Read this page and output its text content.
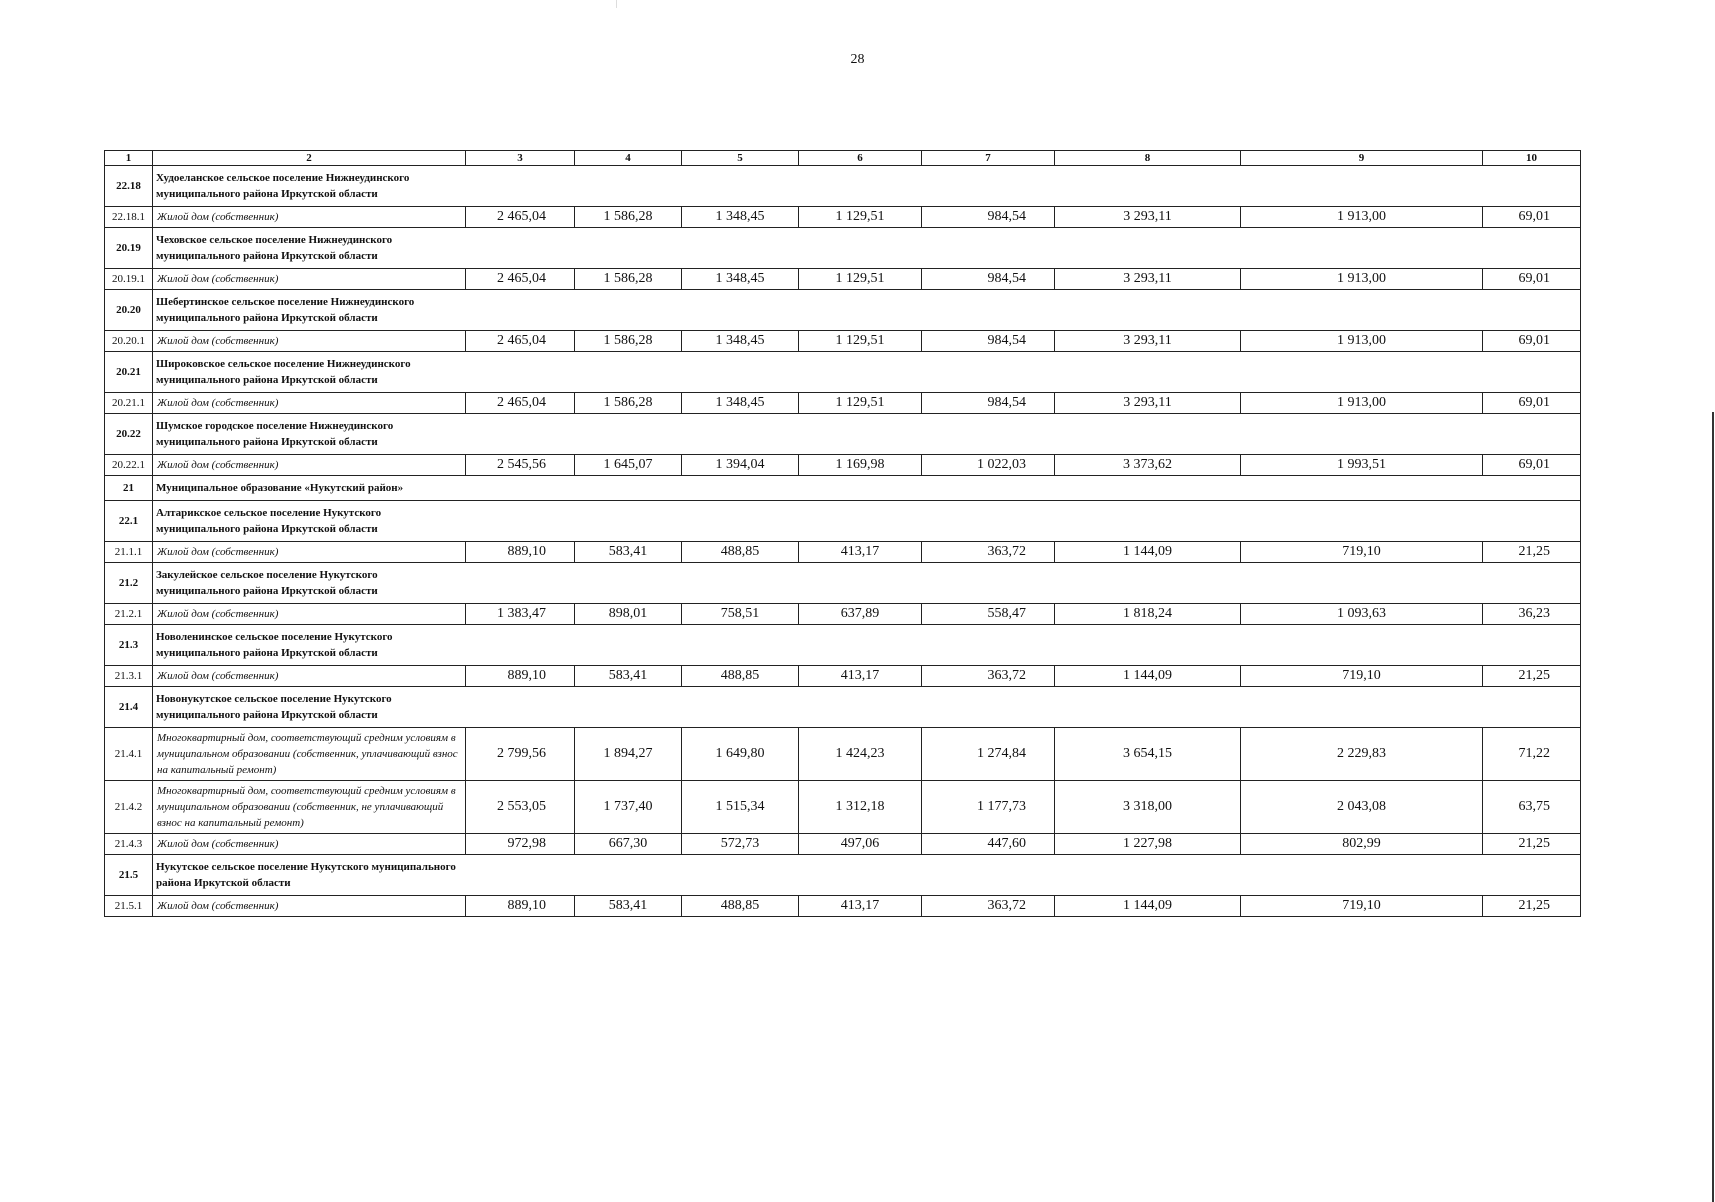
28
1	2	3	4	5	6	7	8	9	10
22.18	Худоеланское сельское поселение Нижнеудинского муниципального района Иркутской области								
22.18.1	Жилой дом (собственник)	2 465,04	1 586,28	1 348,45	1 129,51	984,54	3 293,11	1 913,00	69,01
20.19	Чеховское сельское поселение Нижнеудинского муниципального района Иркутской области								
20.19.1	Жилой дом (собственник)	2 465,04	1 586,28	1 348,45	1 129,51	984,54	3 293,11	1 913,00	69,01
20.20	Шебертинское сельское поселение Нижнеудинского муниципального района Иркутской области								
20.20.1	Жилой дом (собственник)	2 465,04	1 586,28	1 348,45	1 129,51	984,54	3 293,11	1 913,00	69,01
20.21	Широковское сельское поселение Нижнеудинского муниципального района Иркутской области								
20.21.1	Жилой дом (собственник)	2 465,04	1 586,28	1 348,45	1 129,51	984,54	3 293,11	1 913,00	69,01
20.22	Шумское городское поселение Нижнеудинского муниципального района Иркутской области								
20.22.1	Жилой дом (собственник)	2 545,56	1 645,07	1 394,04	1 169,98	1 022,03	3 373,62	1 993,51	69,01
21	Муниципальное образование «Нукутский район»								
22.1	Алтарикское сельское поселение Нукутского муниципального района Иркутской области								
21.1.1	Жилой дом (собственник)	889,10	583,41	488,85	413,17	363,72	1 144,09	719,10	21,25
21.2	Закулейское сельское поселение Нукутского муниципального района Иркутской области								
21.2.1	Жилой дом (собственник)	1 383,47	898,01	758,51	637,89	558,47	1 818,24	1 093,63	36,23
21.3	Новоленинское сельское поселение Нукутского муниципального района Иркутской области								
21.3.1	Жилой дом (собственник)	889,10	583,41	488,85	413,17	363,72	1 144,09	719,10	21,25
21.4	Новонукутское сельское поселение Нукутского муниципального района Иркутской области								
21.4.1	Многоквартирный дом, соответствующий средним условиям в муниципальном образовании (собственник, уплачивающий взнос на капитальный ремонт)	2 799,56	1 894,27	1 649,80	1 424,23	1 274,84	3 654,15	2 229,83	71,22
21.4.2	Многоквартирный дом, соответствующий средним условиям в муниципальном образовании (собственник, не уплачивающий взнос на капитальный ремонт)	2 553,05	1 737,40	1 515,34	1 312,18	1 177,73	3 318,00	2 043,08	63,75
21.4.3	Жилой дом (собственник)	972,98	667,30	572,73	497,06	447,60	1 227,98	802,99	21,25
21.5	Нукутское сельское поселение Нукутского муниципального района Иркутской области								
21.5.1	Жилой дом (собственник)	889,10	583,41	488,85	413,17	363,72	1 144,09	719,10	21,25
